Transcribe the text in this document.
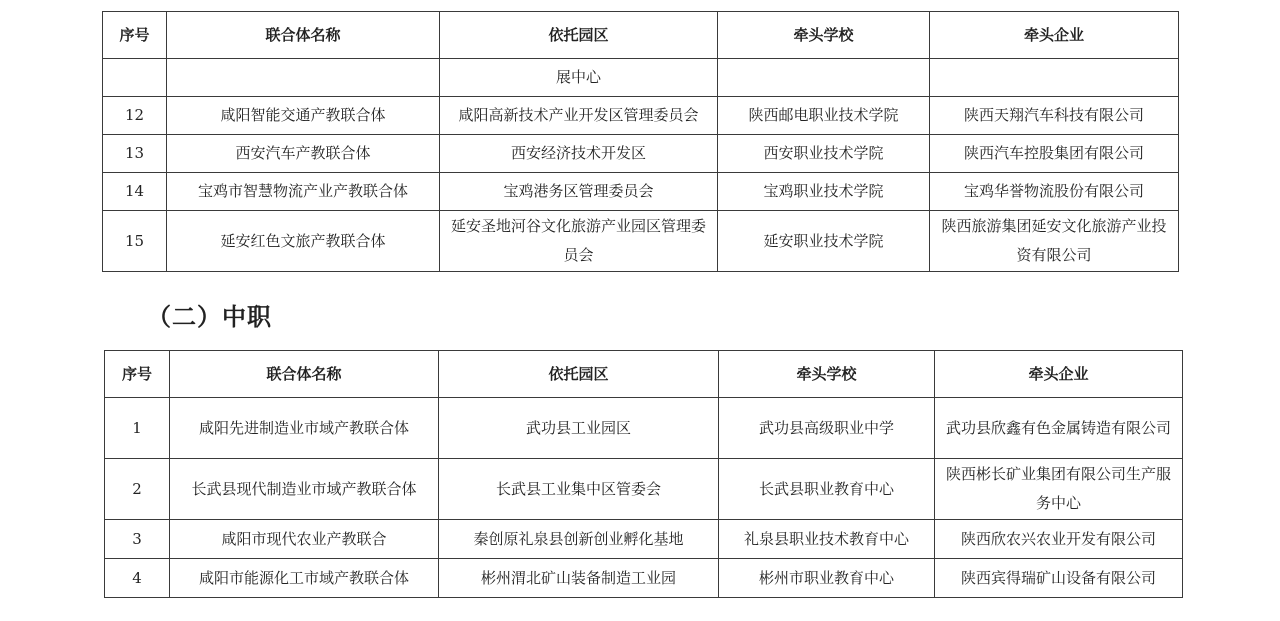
序号	联合体名称	依托园区	牵头学校	牵头企业
		展中心		
12	咸阳智能交通产教联合体	咸阳高新技术产业开发区管理委员会	陕西邮电职业技术学院	陕西天翔汽车科技有限公司
13	西安汽车产教联合体	西安经济技术开发区	西安职业技术学院	陕西汽车控股集团有限公司
14	宝鸡市智慧物流产业产教联合体	宝鸡港务区管理委员会	宝鸡职业技术学院	宝鸡华誉物流股份有限公司
15	延安红色文旅产教联合体	延安圣地河谷文化旅游产业园区管理委员会	延安职业技术学院	陕西旅游集团延安文化旅游产业投资有限公司
（二）中职
序号	联合体名称	依托园区	牵头学校	牵头企业
1	咸阳先进制造业市域产教联合体	武功县工业园区	武功县高级职业中学	武功县欣鑫有色金属铸造有限公司
2	长武县现代制造业市域产教联合体	长武县工业集中区管委会	长武县职业教育中心	陕西彬长矿业集团有限公司生产服务中心
3	咸阳市现代农业产教联合	秦创原礼泉县创新创业孵化基地	礼泉县职业技术教育中心	陕西欣农兴农业开发有限公司
4	咸阳市能源化工市域产教联合体	彬州渭北矿山装备制造工业园	彬州市职业教育中心	陕西宾得瑞矿山设备有限公司
